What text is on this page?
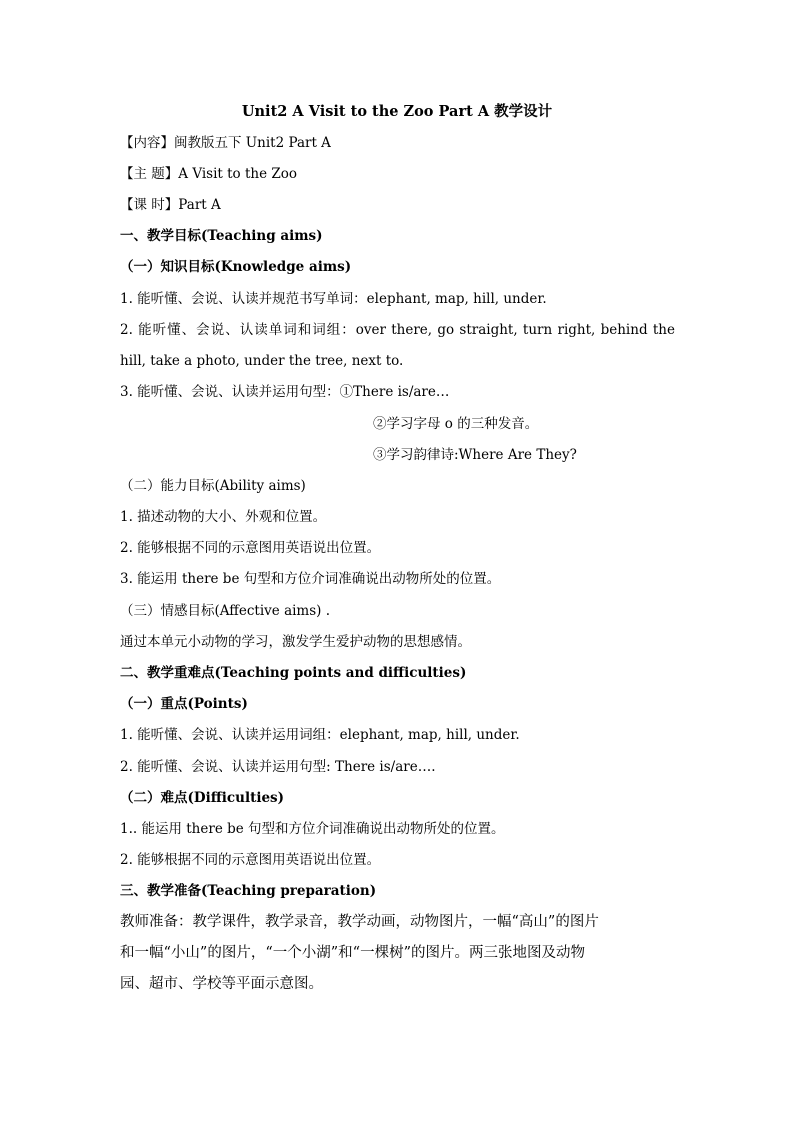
Unit2 A Visit to the Zoo Part A 教学设计
【内容】闽教版五下 Unit2 Part A
【主 题】A Visit to the Zoo
【课 时】Part A
一、教学目标(Teaching aims)
（一）知识目标(Knowledge aims)
1. 能听懂、会说、认读并规范书写单词：elephant, map, hill, under.
2. 能听懂、会说、认读单词和词组：over there, go straight, turn right, behind the
hill, take a photo, under the tree, next to.
3. 能听懂、会说、认读并运用句型：①There is/are…
②学习字母 o 的三种发音。
③学习韵律诗:Where Are They?
（二）能力目标(Ability aims)
1. 描述动物的大小、外观和位置。
2. 能够根据不同的示意图用英语说出位置。
3. 能运用 there be 句型和方位介词准确说出动物所处的位置。
（三）情感目标(Affective aims) .
通过本单元小动物的学习，激发学生爱护动物的思想感情。
二、教学重难点(Teaching points and difficulties)
（一）重点(Points)
1. 能听懂、会说、认读并运用词组：elephant, map, hill, under.
2. 能听懂、会说、认读并运用句型: There is/are….
（二）难点(Difficulties)
1.. 能运用 there be 句型和方位介词准确说出动物所处的位置。
2. 能够根据不同的示意图用英语说出位置。
三、教学准备(Teaching preparation)
教师准备：教学课件，教学录音，教学动画，动物图片，一幅“高山”的图片
和一幅“小山”的图片，“一个小湖”和“一棵树”的图片。两三张地图及动物
园、超市、学校等平面示意图。
